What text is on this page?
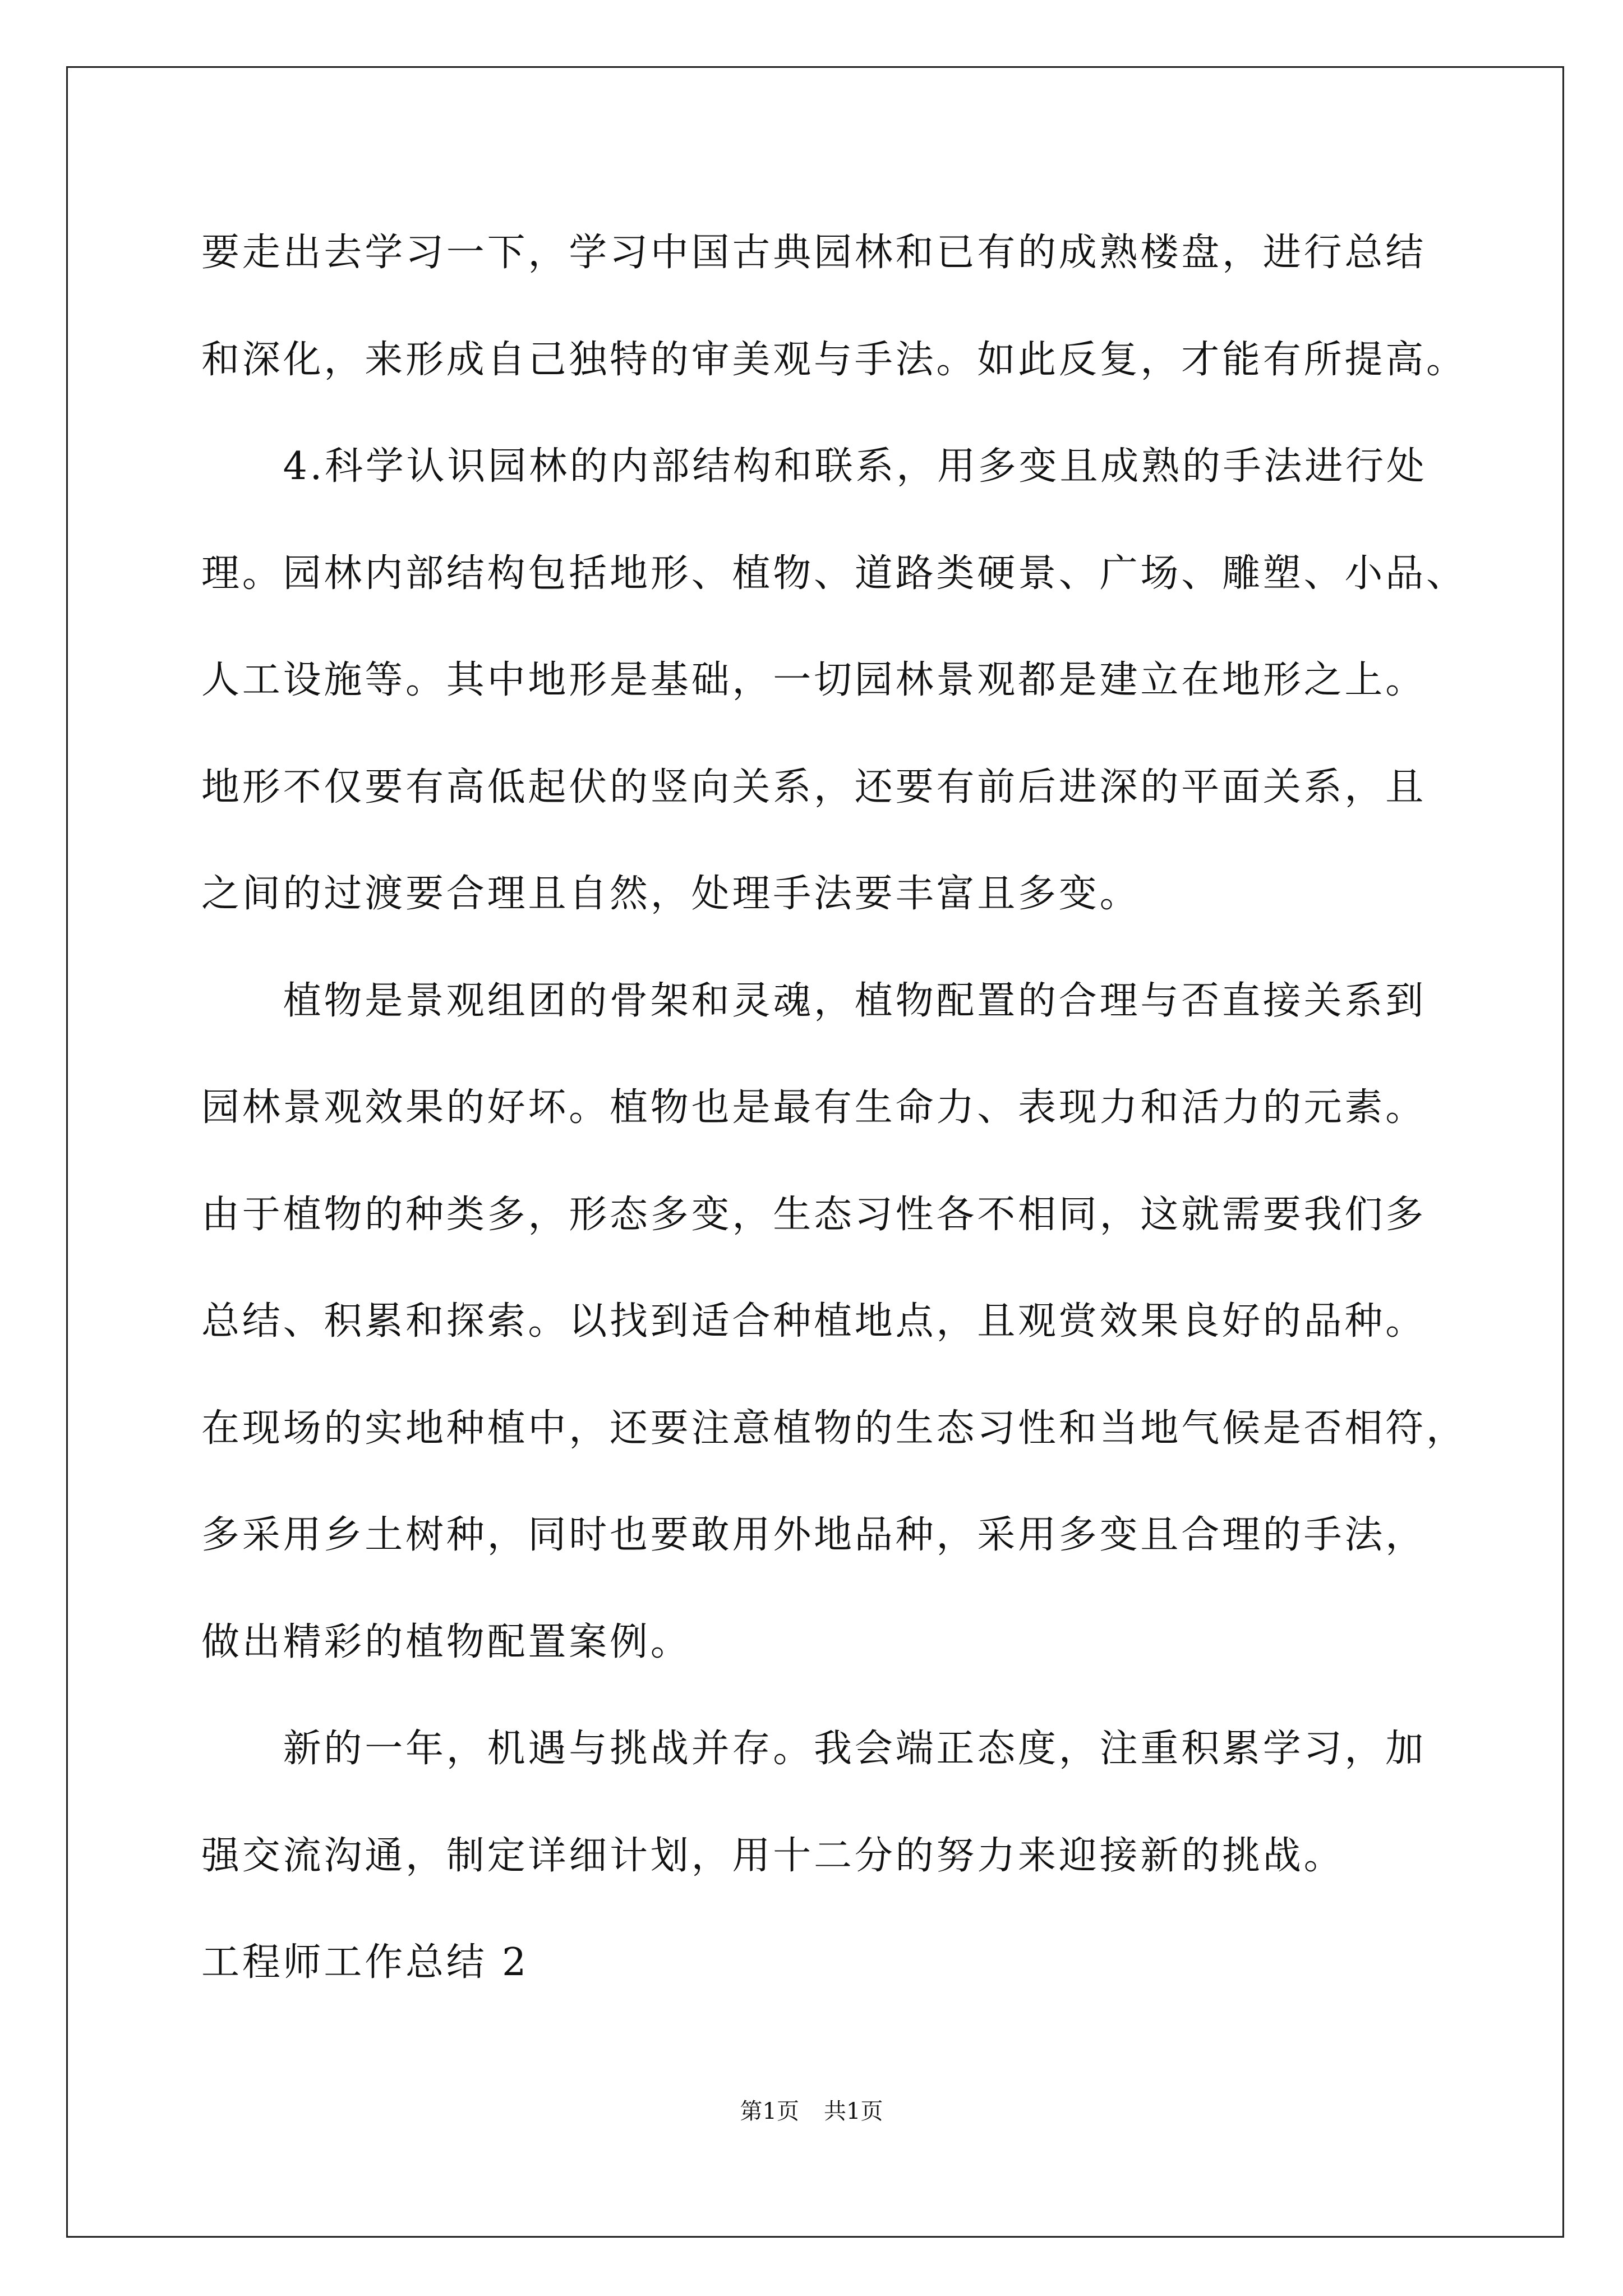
要走出去学习一下，学习中国古典园林和已有的成熟楼盘，进行总结
和深化，来形成自己独特的审美观与手法。如此反复，才能有所提高。
4.科学认识园林的内部结构和联系，用多变且成熟的手法进行处
理。园林内部结构包括地形、植物、道路类硬景、广场、雕塑、小品、
人工设施等。其中地形是基础，一切园林景观都是建立在地形之上。
地形不仅要有高低起伏的竖向关系，还要有前后进深的平面关系，且
之间的过渡要合理且自然，处理手法要丰富且多变。
植物是景观组团的骨架和灵魂，植物配置的合理与否直接关系到
园林景观效果的好坏。植物也是最有生命力、表现力和活力的元素。
由于植物的种类多，形态多变，生态习性各不相同，这就需要我们多
总结、积累和探索。以找到适合种植地点，且观赏效果良好的品种。
在现场的实地种植中，还要注意植物的生态习性和当地气候是否相符，
多采用乡土树种，同时也要敢用外地品种，采用多变且合理的手法，
做出精彩的植物配置案例。
新的一年，机遇与挑战并存。我会端正态度，注重积累学习，加
强交流沟通，制定详细计划，用十二分的努力来迎接新的挑战。
工程师工作总结 2
第1页 共1页
